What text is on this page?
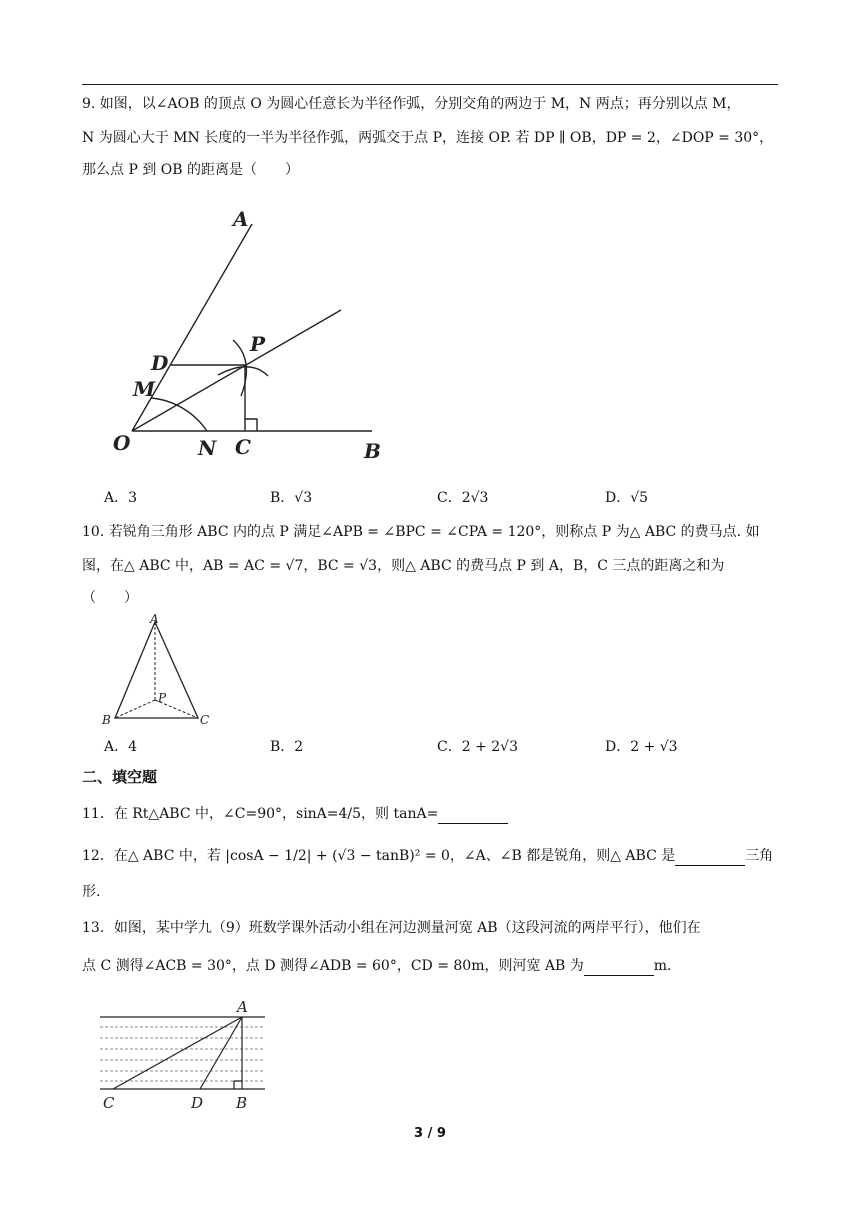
9. 如图，以∠AOB 的顶点 O 为圆心任意长为半径作弧，分别交角的两边于 M，N 两点；再分别以点 M，
N 为圆心大于 MN 长度的一半为半径作弧，两弧交于点 P，连接 OP. 若 DP ∥ OB，DP = 2，∠DOP = 30°，
那么点 P 到 OB 的距离是（　　）
A
D
P
M
O	N C	B
A．3	B．√3	C．2√3	D．√5
10. 若锐角三角形 ABC 内的点 P 满足∠APB = ∠BPC = ∠CPA = 120°，则称点 P 为△ ABC 的费马点. 如
图，在△ ABC 中，AB = AC = √7，BC = √3，则△ ABC 的费马点 P 到 A，B，C 三点的距离之和为
（　　）
A
P
B	C
A．4	B．2	C．2 + 2√3	D．2 + √3
二、填空题
11．在 Rt△ABC 中，∠C=90°，sinA=4/5，则 tanA=
12．在△ ABC 中，若 |cosA − 1/2| + (√3 − tanB)² = 0，∠A、∠B 都是锐角，则△ ABC 是	三角
形.
13．如图，某中学九（9）班数学课外活动小组在河边测量河宽 AB（这段河流的两岸平行），他们在
点 C 测得∠ACB = 30°，点 D 测得∠ADB = 60°，CD = 80m，则河宽 AB 为	m.
A
C	D B
3 / 9
